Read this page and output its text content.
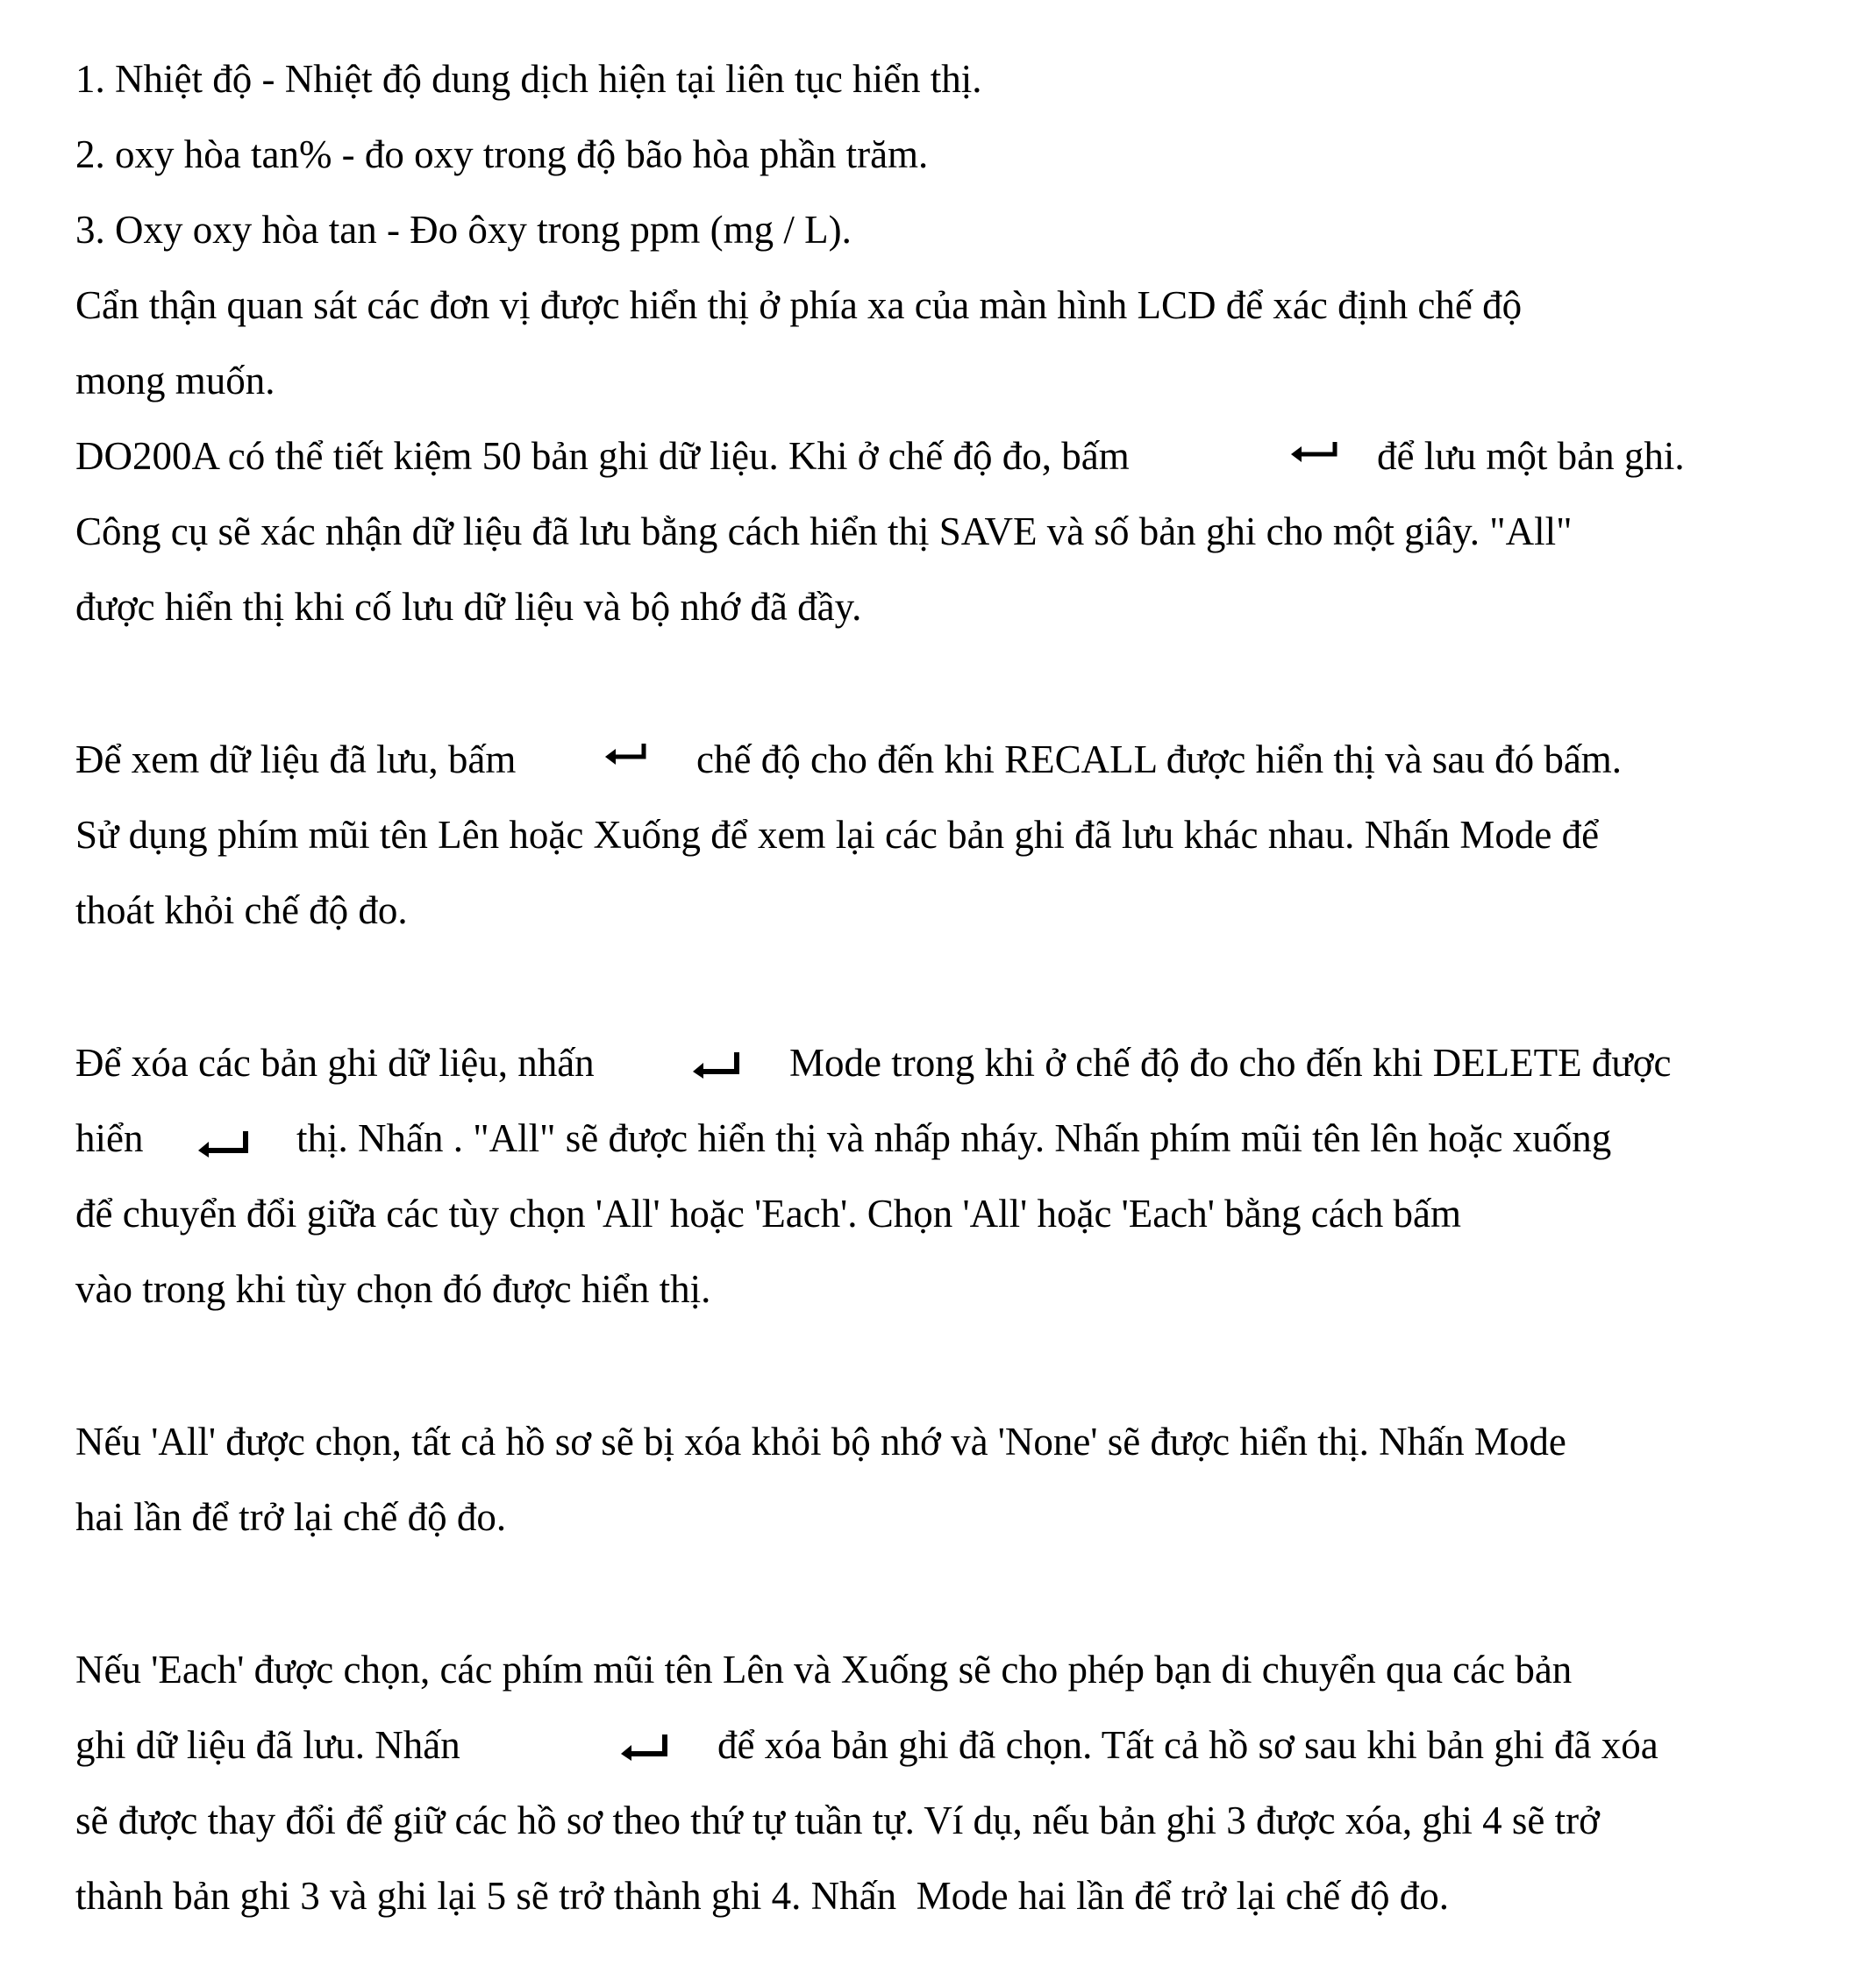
1. Nhiệt độ - Nhiệt độ dung dịch hiện tại liên tục hiển thị.
2. oxy hòa tan% - đo oxy trong độ bão hòa phần trăm.
3. Oxy oxy hòa tan - Đo ôxy trong ppm (mg / L).
Cẩn thận quan sát các đơn vị được hiển thị ở phía xa của màn hình LCD để xác định chế độ
mong muốn.

DO200A có thể tiết kiệm 50 bản ghi dữ liệu. Khi ở chế độ đo, bấm

	để lưu một bản ghi.

Công cụ sẽ xác nhận dữ liệu đã lưu bằng cách hiển thị SAVE và số bản ghi cho một giây. "All"
được hiển thị khi cố lưu dữ liệu và bộ nhớ đã đầy.

Để xem dữ liệu đã lưu, bấm

	chế độ cho đến khi RECALL được hiển thị và sau đó bấm.

Sử dụng phím mũi tên Lên hoặc Xuống để xem lại các bản ghi đã lưu khác nhau. Nhấn Mode để
thoát khỏi chế độ đo.

Để xóa các bản ghi dữ liệu, nhấn

	Mode trong khi ở chế độ đo cho đến khi DELETE được

hiển

	thị. Nhấn . "All" sẽ được hiển thị và nhấp nháy. Nhấn phím mũi tên lên hoặc xuống

để chuyển đổi giữa các tùy chọn 'All' hoặc 'Each'. Chọn 'All' hoặc 'Each' bằng cách bấm
vào trong khi tùy chọn đó được hiển thị.
Nếu 'All' được chọn, tất cả hồ sơ sẽ bị xóa khỏi bộ nhớ và 'None' sẽ được hiển thị. Nhấn Mode
hai lần để trở lại chế độ đo.
Nếu 'Each' được chọn, các phím mũi tên Lên và Xuống sẽ cho phép bạn di chuyển qua các bản

ghi dữ liệu đã lưu. Nhấn

	để xóa bản ghi đã chọn. Tất cả hồ sơ sau khi bản ghi đã xóa

sẽ được thay đổi để giữ các hồ sơ theo thứ tự tuần tự. Ví dụ, nếu bản ghi 3 được xóa, ghi 4 sẽ trở
thành bản ghi 3 và ghi lại 5 sẽ trở thành ghi 4. Nhấn  Mode hai lần để trở lại chế độ đo.
